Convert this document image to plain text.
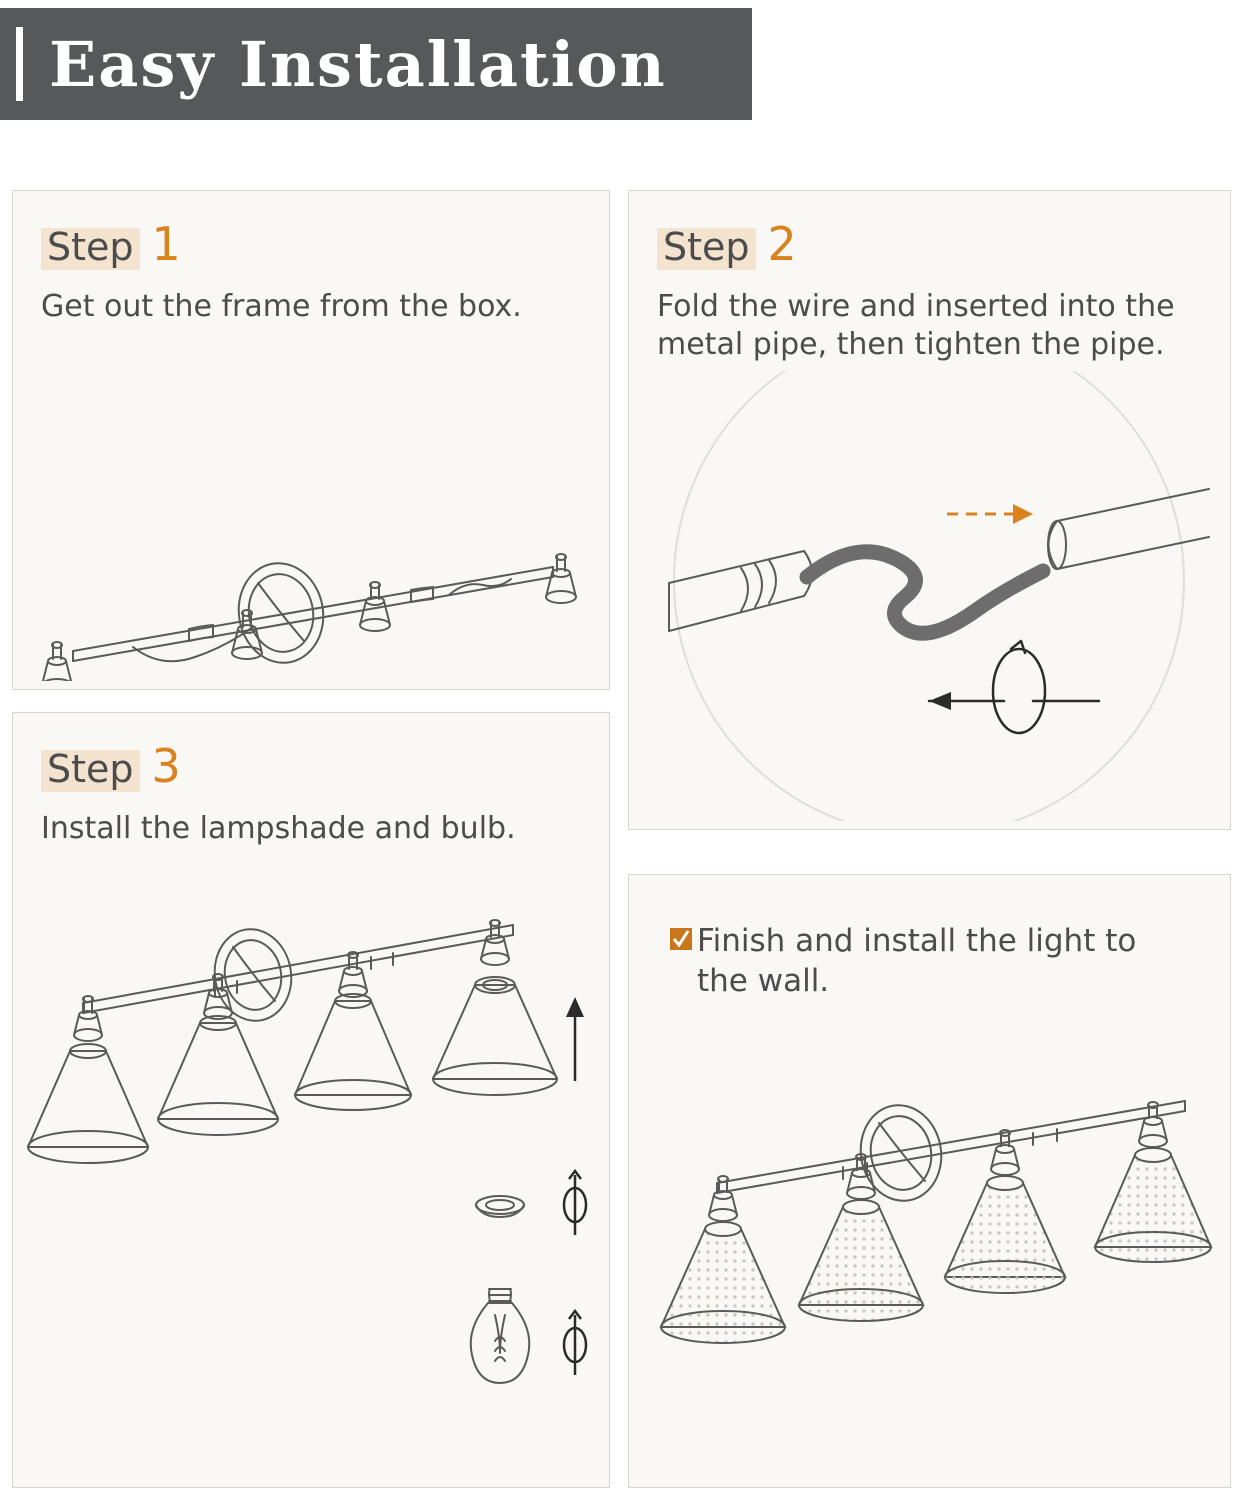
Easy Installation
Step 1
Get out the frame from the box.
Step 2
Fold the wire and inserted into the metal pipe, then tighten the pipe.
Step 3
Install the lampshade and bulb.
Finish and install the light to the wall.
